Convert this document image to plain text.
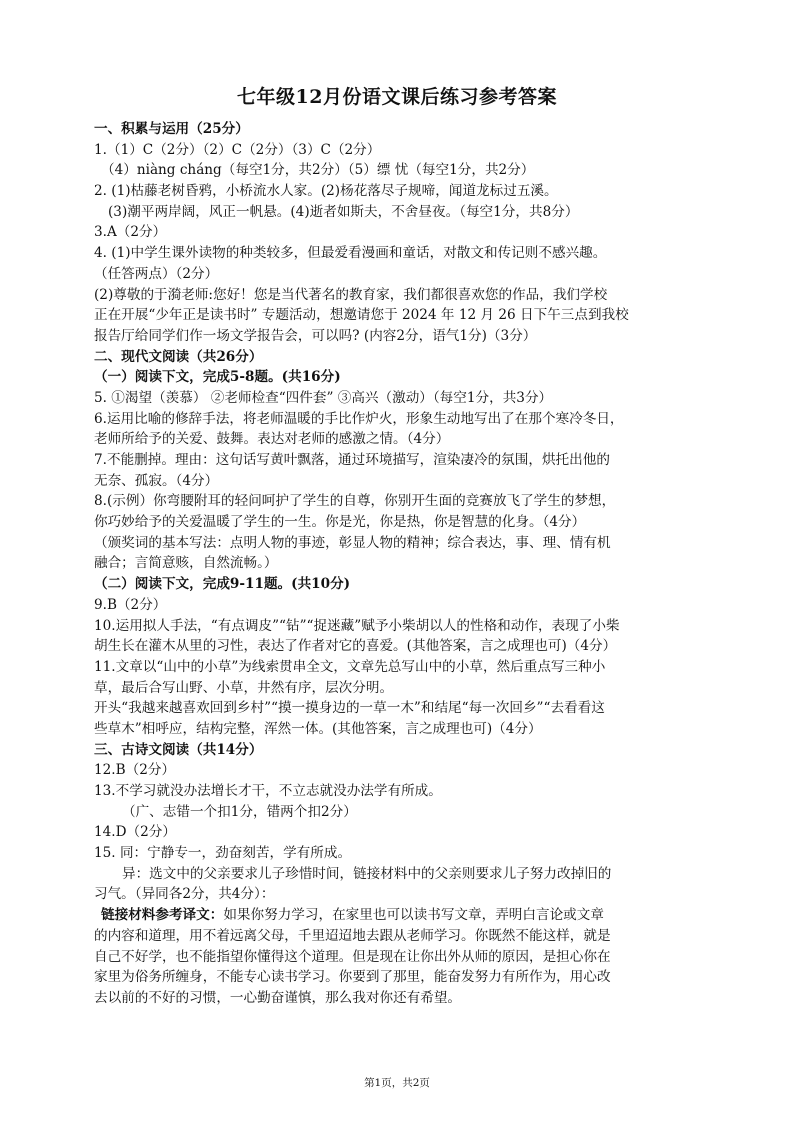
七年级12月份语文课后练习参考答案
一、积累与运用（25分）
1.（1）C（2分）（2）C（2分）（3）C（2分）
（4）niàng cháng（每空1分，共2分）（5）缥 忧（每空1分，共2分）
2. (1)枯藤老树昏鸦，小桥流水人家。(2)杨花落尽子规啼，闻道龙标过五溪。
(3)潮平两岸阔，风正一帆悬。(4)逝者如斯夫，不舍昼夜。（每空1分，共8分）
3.A（2分）
4. (1)中学生课外读物的种类较多，但最爱看漫画和童话，对散文和传记则不感兴趣。
（任答两点）（2分）
(2)尊敬的于漪老师:您好！您是当代著名的教育家，我们都很喜欢您的作品，我们学校
正在开展“少年正是读书时” 专题活动，想邀请您于 2024 年 12 月 26 日下午三点到我校
报告厅给同学们作一场文学报告会，可以吗? (内容2分，语气1分)（3分）
二、现代文阅读（共26分）
（一）阅读下文，完成5-8题。(共16分)
5. ①渴望（羡慕） ②老师检查“四件套” ③高兴（激动）（每空1分，共3分）
6.运用比喻的修辞手法，将老师温暖的手比作炉火，形象生动地写出了在那个寒冷冬日，
老师所给予的关爱、鼓舞。表达对老师的感激之情。（4分）
7.不能删掉。理由：这句话写黄叶飘落，通过环境描写，渲染凄冷的氛围，烘托出他的
无奈、孤寂。（4分）
8.(示例）你弯腰附耳的轻问呵护了学生的自尊，你别开生面的竞赛放飞了学生的梦想，
你巧妙给予的关爱温暖了学生的一生。你是光，你是热，你是智慧的化身。（4分）
（颁奖词的基本写法：点明人物的事迹，彰显人物的精神；综合表达，事、理、情有机
融合；言简意赅，自然流畅。）
（二）阅读下文，完成9-11题。(共10分)
9.B（2分）
10.运用拟人手法，“有点调皮”“钻”“捉迷藏”赋予小柴胡以人的性格和动作，表现了小柴
胡生长在灌木从里的习性，表达了作者对它的喜爱。(其他答案，言之成理也可)（4分）
11.文章以“山中的小草”为线索贯串全文，文章先总写山中的小草，然后重点写三种小
草，最后合写山野、小草，井然有序，层次分明。
开头“我越来越喜欢回到乡村”“摸一摸身边的一草一木”和结尾“每一次回乡”“去看看这
些草木”相呼应，结构完整，浑然一体。(其他答案，言之成理也可)（4分）
三、古诗文阅读（共14分）
12.B（2分）
13.不学习就没办法增长才干，不立志就没办法学有所成。
（广、志错一个扣1分，错两个扣2分）
14.D（2分）
15. 同：宁静专一，劲奋刻苦，学有所成。
异：选文中的父亲要求儿子珍惜时间，链接材料中的父亲则要求儿子努力改掉旧的
习气。（异同各2分，共4分）：
链接材料参考译文：如果你努力学习，在家里也可以读书写文章，弄明白言论或文章
的内容和道理，用不着远离父母，千里迢迢地去跟从老师学习。你既然不能这样，就是
自己不好学，也不能指望你懂得这个道理。但是现在让你出外从师的原因，是担心你在
家里为俗务所缠身，不能专心读书学习。你要到了那里，能奋发努力有所作为，用心改
去以前的不好的习惯，一心勤奋谨慎，那么我对你还有希望。
第1页，共2页
